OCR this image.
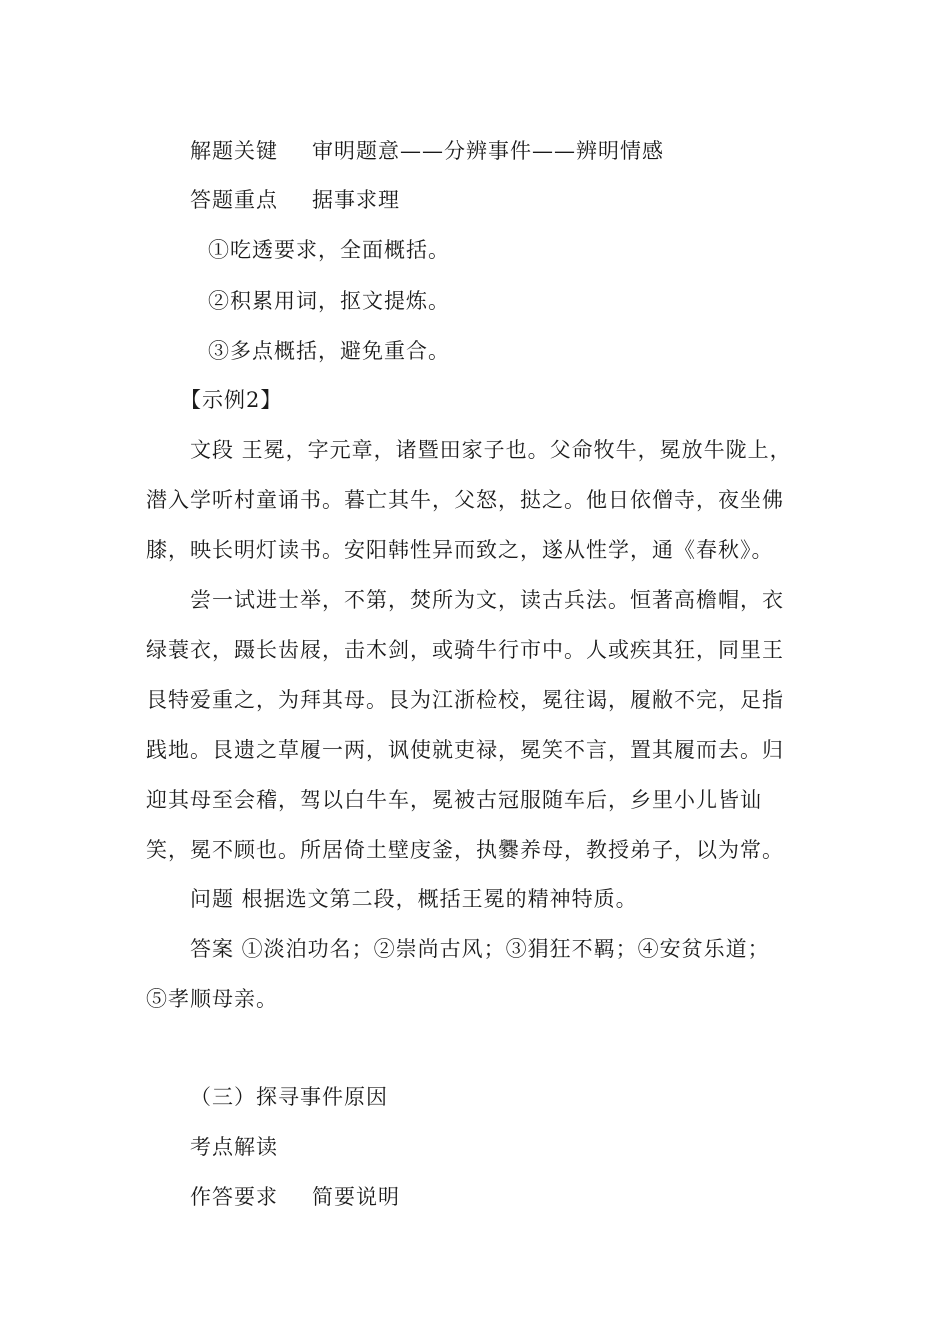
解题关键 审明题意——分辨事件——辨明情感
答题重点 据事求理
①吃透要求，全面概括。
②积累用词，抠文提炼。
③多点概括，避免重合。
【示例2】
文段 王冕，字元章，诸暨田家子也。父命牧牛，冕放牛陇上，
潜入学听村童诵书。暮亡其牛，父怒，挞之。他日依僧寺，夜坐佛
膝，映长明灯读书。安阳韩性异而致之，遂从性学，通《春秋》。
尝一试进士举，不第，焚所为文，读古兵法。恒著高檐帽，衣
绿蓑衣，蹑长齿屐，击木剑，或骑牛行市中。人或疾其狂，同里王
艮特爱重之，为拜其母。艮为江浙检校，冕往谒，履敝不完，足指
践地。艮遗之草履一两，讽使就吏禄，冕笑不言，置其履而去。归
迎其母至会稽，驾以白牛车，冕被古冠服随车后，乡里小儿皆讪
笑，冕不顾也。所居倚土壁庋釜，执爨养母，教授弟子，以为常。
问题 根据选文第二段，概括王冕的精神特质。
答案 ①淡泊功名；②崇尚古风；③狷狂不羁；④安贫乐道；
⑤孝顺母亲。
（三）探寻事件原因
考点解读
作答要求 简要说明
